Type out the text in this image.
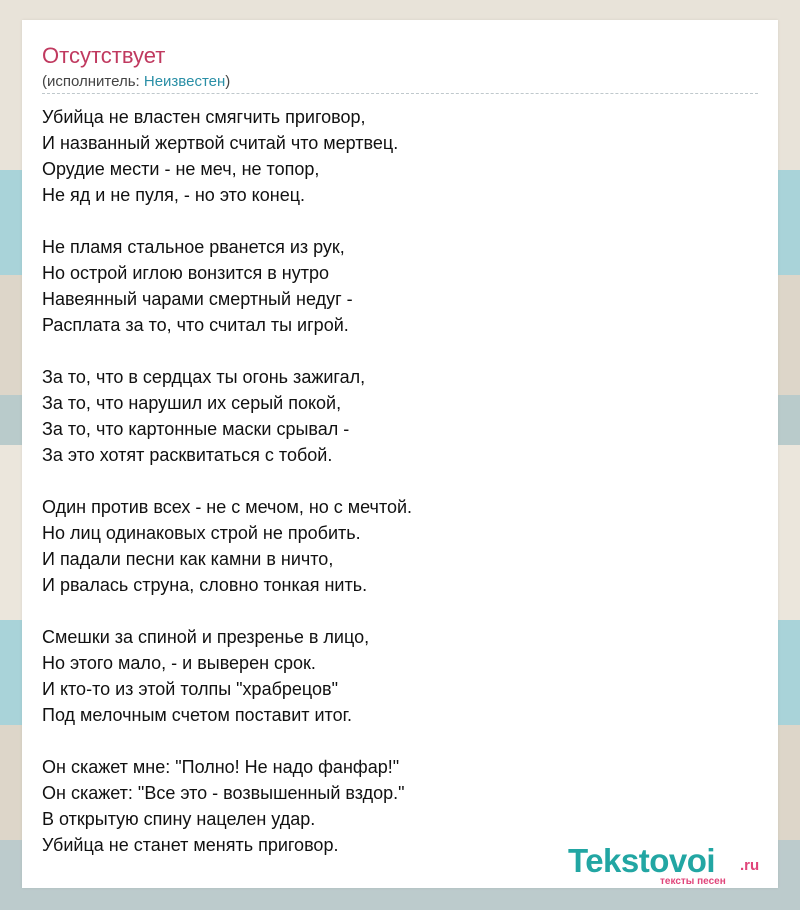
Отсутствует
(исполнитель: Неизвестен)
Убийца не властен смягчить приговор,
И названный жертвой считай что мертвец.
Орудие мести - не меч, не топор,
Не яд и не пуля, - но это конец.
Не пламя стальное рванется из рук,
Но острой иглою вонзится в нутро
Навеянный чарами смертный недуг -
Расплата за то, что считал ты игрой.
За то, что в сердцах ты огонь зажигал,
За то, что нарушил их серый покой,
За то, что картонные маски срывал -
За это хотят расквитаться с тобой.
Один против всех - не с мечом, но с мечтой.
Но лиц одинаковых строй не пробить.
И падали песни как камни в ничто,
И рвалась струна, словно тонкая нить.
Смешки за спиной и презренье в лицо,
Но этого мало, - и выверен срок.
И кто-то из этой толпы "храбрецов"
Под мелочным счетом поставит итог.
Он скажет мне: "Полно! Не надо фанфар!"
Он скажет: "Все это - возвышенный вздор."
В открытую спину нацелен удар.
Убийца не станет менять приговор.	Tekstovoi .ru
тексты песен
